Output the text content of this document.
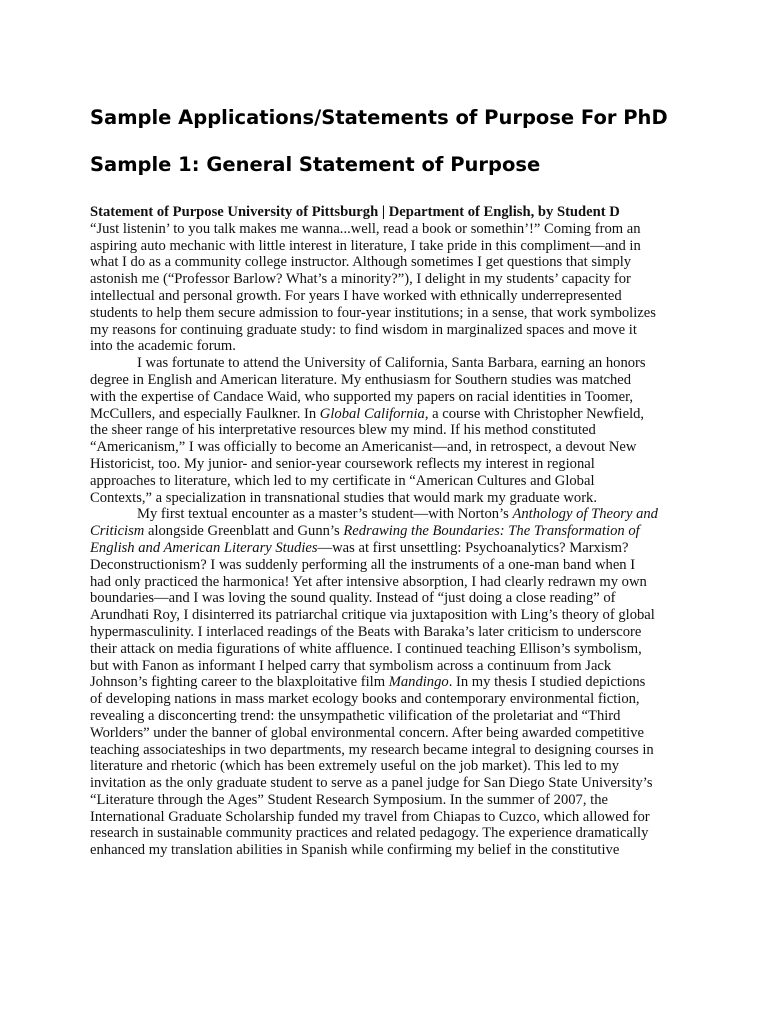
Sample Applications/Statements of Purpose For PhD
Sample 1: General Statement of Purpose
Statement of Purpose University of Pittsburgh | Department of English, by Student D
“Just listenin’ to you talk makes me wanna...well, read a book or somethin’!” Coming from an
aspiring auto mechanic with little interest in literature, I take pride in this compliment—and in
what I do as a community college instructor. Although sometimes I get questions that simply
astonish me (“Professor Barlow? What’s a minority?”), I delight in my students’ capacity for
intellectual and personal growth. For years I have worked with ethnically underrepresented
students to help them secure admission to four-year institutions; in a sense, that work symbolizes
my reasons for continuing graduate study: to find wisdom in marginalized spaces and move it
into the academic forum.
I was fortunate to attend the University of California, Santa Barbara, earning an honors
degree in English and American literature. My enthusiasm for Southern studies was matched
with the expertise of Candace Waid, who supported my papers on racial identities in Toomer,
McCullers, and especially Faulkner. In Global California, a course with Christopher Newfield,
the sheer range of his interpretative resources blew my mind. If his method constituted
“Americanism,” I was officially to become an Americanist—and, in retrospect, a devout New
Historicist, too. My junior- and senior-year coursework reflects my interest in regional
approaches to literature, which led to my certificate in “American Cultures and Global
Contexts,” a specialization in transnational studies that would mark my graduate work.
My first textual encounter as a master’s student—with Norton’s Anthology of Theory and
Criticism alongside Greenblatt and Gunn’s Redrawing the Boundaries: The Transformation of
English and American Literary Studies—was at first unsettling: Psychoanalytics? Marxism?
Deconstructionism? I was suddenly performing all the instruments of a one-man band when I
had only practiced the harmonica! Yet after intensive absorption, I had clearly redrawn my own
boundaries—and I was loving the sound quality. Instead of “just doing a close reading” of
Arundhati Roy, I disinterred its patriarchal critique via juxtaposition with Ling’s theory of global
hypermasculinity. I interlaced readings of the Beats with Baraka’s later criticism to underscore
their attack on media figurations of white affluence. I continued teaching Ellison’s symbolism,
but with Fanon as informant I helped carry that symbolism across a continuum from Jack
Johnson’s fighting career to the blaxploitative film Mandingo. In my thesis I studied depictions
of developing nations in mass market ecology books and contemporary environmental fiction,
revealing a disconcerting trend: the unsympathetic vilification of the proletariat and “Third
Worlders” under the banner of global environmental concern. After being awarded competitive
teaching associateships in two departments, my research became integral to designing courses in
literature and rhetoric (which has been extremely useful on the job market). This led to my
invitation as the only graduate student to serve as a panel judge for San Diego State University’s
“Literature through the Ages” Student Research Symposium. In the summer of 2007, the
International Graduate Scholarship funded my travel from Chiapas to Cuzco, which allowed for
research in sustainable community practices and related pedagogy. The experience dramatically
enhanced my translation abilities in Spanish while confirming my belief in the constitutive
